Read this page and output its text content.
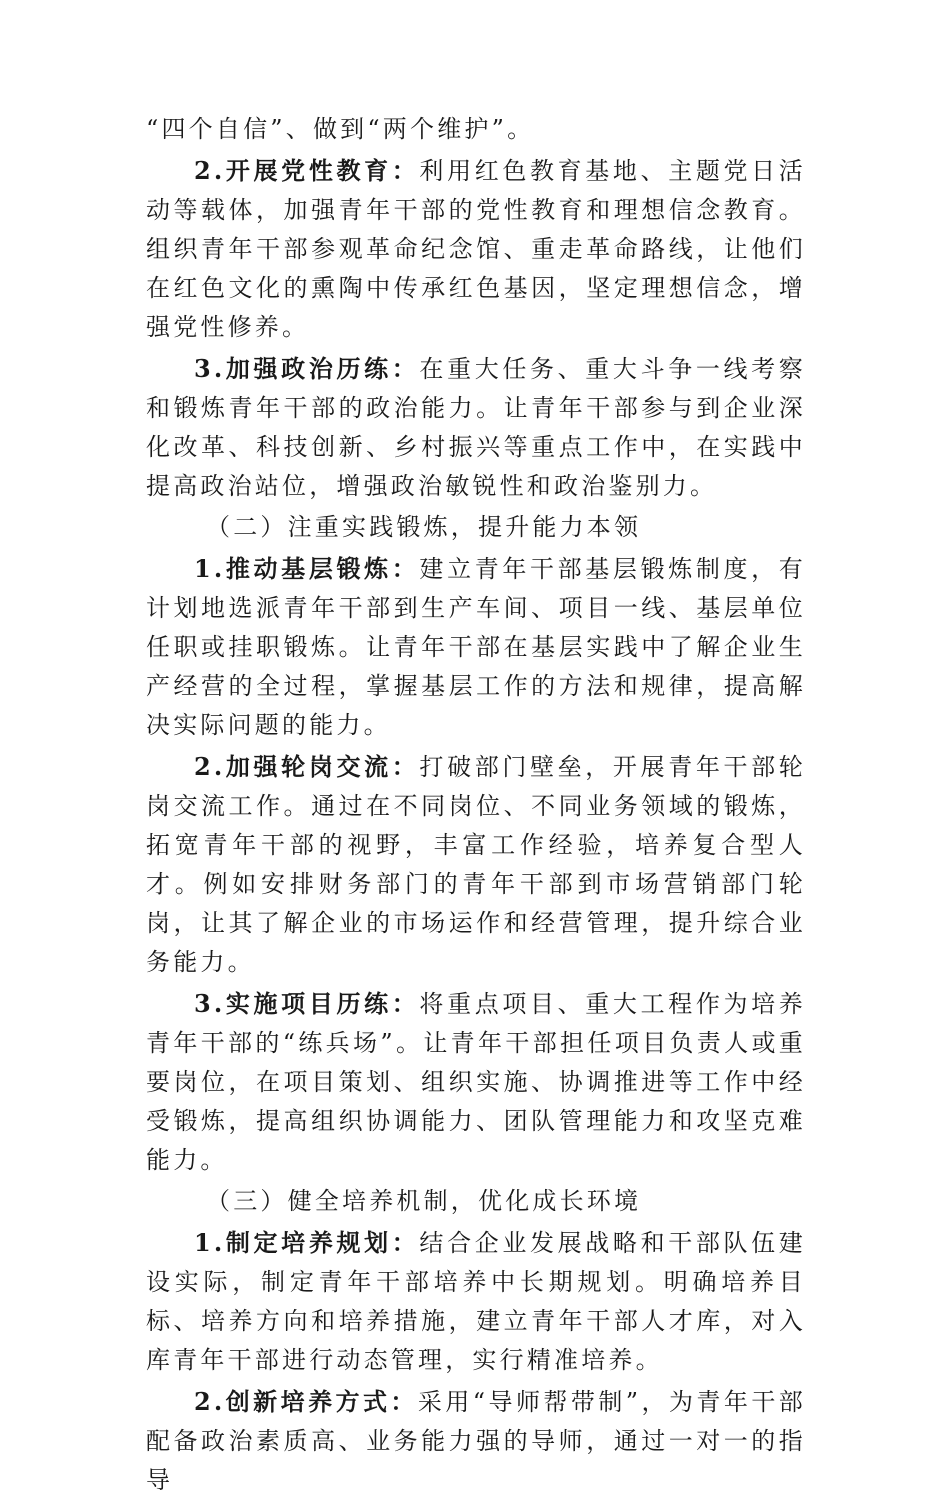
“四个自信”、做到“两个维护”。

2.开展党性教育：利用红色教育基地、主题党日活动等载体，加强青年干部的党性教育和理想信念教育。组织青年干部参观革命纪念馆、重走革命路线，让他们在红色文化的熏陶中传承红色基因，坚定理想信念，增强党性修养。

3.加强政治历练：在重大任务、重大斗争一线考察和锻炼青年干部的政治能力。让青年干部参与到企业深化改革、科技创新、乡村振兴等重点工作中，在实践中提高政治站位，增强政治敏锐性和政治鉴别力。

（二）注重实践锻炼，提升能力本领

1.推动基层锻炼：建立青年干部基层锻炼制度，有计划地选派青年干部到生产车间、项目一线、基层单位任职或挂职锻炼。让青年干部在基层实践中了解企业生产经营的全过程，掌握基层工作的方法和规律，提高解决实际问题的能力。

2.加强轮岗交流：打破部门壁垒，开展青年干部轮岗交流工作。通过在不同岗位、不同业务领域的锻炼，拓宽青年干部的视野，丰富工作经验，培养复合型人才。例如安排财务部门的青年干部到市场营销部门轮岗，让其了解企业的市场运作和经营管理，提升综合业务能力。

3.实施项目历练：将重点项目、重大工程作为培养青年干部的“练兵场”。让青年干部担任项目负责人或重要岗位，在项目策划、组织实施、协调推进等工作中经受锻炼，提高组织协调能力、团队管理能力和攻坚克难能力。

（三）健全培养机制，优化成长环境

1.制定培养规划：结合企业发展战略和干部队伍建设实际，制定青年干部培养中长期规划。明确培养目标、培养方向和培养措施，建立青年干部人才库，对入库青年干部进行动态管理，实行精准培养。

2.创新培养方式：采用“导师帮带制”，为青年干部配备政治素质高、业务能力强的导师，通过一对一的指导
